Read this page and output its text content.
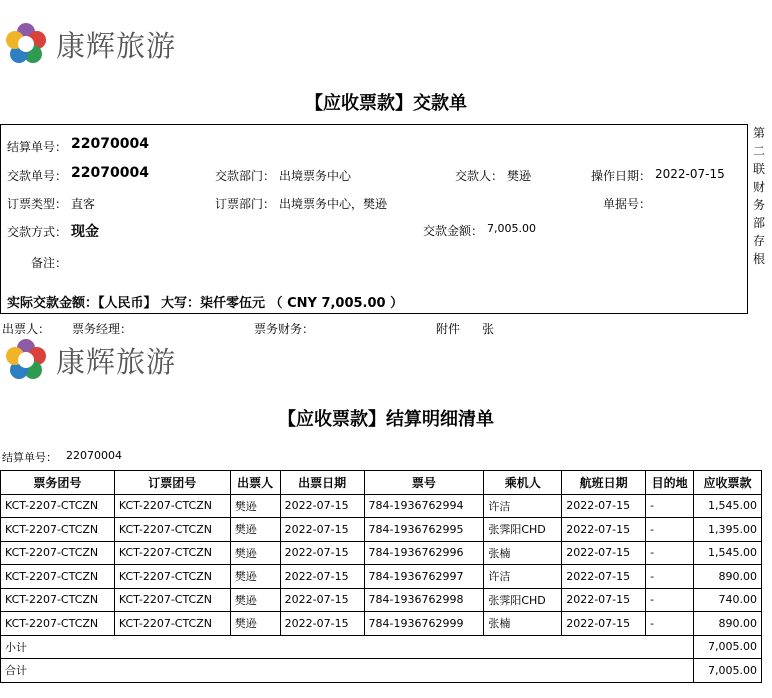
康辉旅游
【应收票款】交款单
结算单号： 22070004
交款单号： 22070004	交款部门： 出境票务中心	交款人： 樊逊	操作日期： 2022-07-15
订票类型： 直客	订票部门： 出境票务中心，樊逊	单据号：
交款方式： 现金	交款金额： 7,005.00
备注：
实际交款金额：【人民币】 大写：柒仟零伍元 （ CNY 7,005.00 ）
第
二
联
财
务
部
存
根
出票人： 票务经理：	票务财务：	附件 张
康辉旅游
【应收票款】结算明细清单
结算单号： 22070004
票务团号	订票团号	出票人	出票日期	票号	乘机人	航班日期	目的地	应收票款
KCT-2207-CTCZN	KCT-2207-CTCZN	樊逊	2022-07-15	784-1936762994	许洁	2022-07-15	-	1,545.00
KCT-2207-CTCZN	KCT-2207-CTCZN	樊逊	2022-07-15	784-1936762995	张霁阳CHD	2022-07-15	-	1,395.00
KCT-2207-CTCZN	KCT-2207-CTCZN	樊逊	2022-07-15	784-1936762996	张楠	2022-07-15	-	1,545.00
KCT-2207-CTCZN	KCT-2207-CTCZN	樊逊	2022-07-15	784-1936762997	许洁	2022-07-15	-	890.00
KCT-2207-CTCZN	KCT-2207-CTCZN	樊逊	2022-07-15	784-1936762998	张霁阳CHD	2022-07-15	-	740.00
KCT-2207-CTCZN	KCT-2207-CTCZN	樊逊	2022-07-15	784-1936762999	张楠	2022-07-15	-	890.00
小计								7,005.00
合计								7,005.00
